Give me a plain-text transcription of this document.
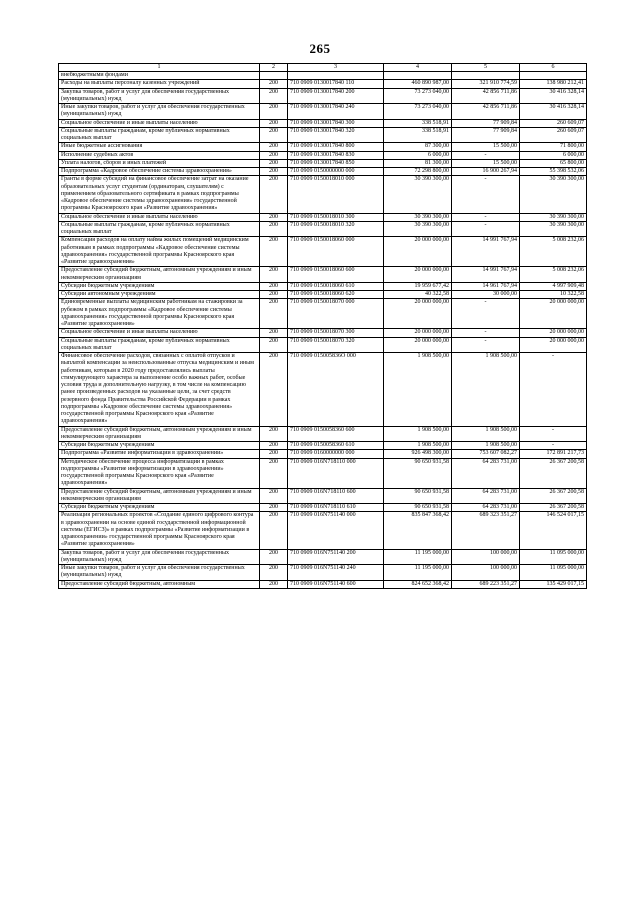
265
1	2	3	4	5	6
внебюджетными фондами					
Расходы на выплаты персоналу казенных учреждений	200	710 0909 0130017840 110	460 890 987,00	321 910 774,59	138 980 212,41
Закупка товаров, работ и услуг для обеспечения государственных (муниципальных) нужд	200	710 0909 0130017840 200	73 273 040,00	42 856 711,86	30 416 328,14
Иные закупки товаров, работ и услуг для обеспечения государственных (муниципальных) нужд	200	710 0909 0130017840 240	73 273 040,00	42 856 711,86	30 416 328,14
Социальное обеспечение и иные выплаты населению	200	710 0909 0130017840 300	338 518,91	77 909,84	260 609,07
Социальные выплаты гражданам, кроме публичных нормативных социальных выплат	200	710 0909 0130017840 320	338 518,91	77 909,84	260 609,07
Иные бюджетные ассигнования	200	710 0909 0130017840 800	87 300,00	15 500,00	71 800,00
Исполнение судебных актов	200	710 0909 0130017840 830	6 000,00	-	6 000,00
Уплата налогов, сборов и иных платежей	200	710 0909 0130017840 850	81 300,00	15 500,00	65 800,00
Подпрограмма «Кадровое обеспечение системы здравоохранения»	200	710 0909 0150000000 000	72 298 800,00	16 900 267,94	55 398 532,06
Гранты в форме субсидий на финансовое обеспечение затрат на оказание образовательных услуг студентам (ординаторам, слушателям) с применением образовательного сертификата в рамках подпрограммы «Кадровое обеспечение системы здравоохранения» государственной программы Красноярского края «Развитие здравоохранения»	200	710 0909 0150018010 000	30 390 300,00	-	30 390 300,00
Социальное обеспечение и иные выплаты населению	200	710 0909 0150018010 300	30 390 300,00	-	30 390 300,00
Социальные выплаты гражданам, кроме публичных нормативных социальных выплат	200	710 0909 0150018010 320	30 390 300,00	-	30 390 300,00
Компенсация расходов на оплату найма жилых помещений медицинским работникам в рамках подпрограммы «Кадровое обеспечение системы здравоохранения» государственной программы Красноярского края «Развитие здравоохранения»	200	710 0909 0150018060 000	20 000 000,00	14 991 767,94	5 008 232,06
Предоставление субсидий бюджетным, автономным учреждениям и иным некоммерческим организациям	200	710 0909 0150018060 600	20 000 000,00	14 991 767,94	5 008 232,06
Субсидии бюджетным учреждениям	200	710 0909 0150018060 610	19 959 677,42	14 961 767,94	4 997 909,48
Субсидии автономным учреждениям	200	710 0909 0150018060 620	40 322,58	30 000,00	10 322,58
Единовременные выплаты медицинским работникам на стажировки за рубежом в рамках подпрограммы «Кадровое обеспечение системы здравоохранения» государственной программы Красноярского края «Развитие здравоохранения»	200	710 0909 0150018070 000	20 000 000,00	-	20 000 000,00
Социальное обеспечение и иные выплаты населению	200	710 0909 0150018070 300	20 000 000,00	-	20 000 000,00
Социальные выплаты гражданам, кроме публичных нормативных социальных выплат	200	710 0909 0150018070 320	20 000 000,00	-	20 000 000,00
Финансовое обеспечение расходов, связанных с оплатой отпусков и выплатой компенсации за неиспользованные отпуска медицинским и иным работникам, которым в 2020 году предоставлялись выплаты стимулирующего характера за выполнение особо важных работ, особые условия труда и дополнительную нагрузку, в том числе на компенсацию ранее произведенных расходов на указанные цели, за счет средств резервного фонда Правительства Российской Федерации в рамках подпрограммы «Кадровое обеспечение системы здравоохранения» государственной программы Красноярского края «Развитие здравоохранения»	200	710 0909 015005836О 000	1 908 500,00	1 908 500,00	-
Предоставление субсидий бюджетным, автономным учреждениям и иным некоммерческим организациям	200	710 0909 0150058360 600	1 908 500,00	1 908 500,00	-
Субсидии бюджетным учреждениям	200	710 0909 0150058360 610	1 908 500,00	1 908 500,00	-
Подпрограмма «Развитие информатизации в здравоохранении»	200	710 0909 0160000000 000	926 498 300,00	753 607 082,27	172 891 217,73
Методическое обеспечение процесса информатизации в рамках подпрограммы «Развитие информатизации в здравоохранении» государственной программы Красноярского края «Развитие здравоохранения»	200	710 0909 016N718110 000	90 650 931,58	64 283 731,00	26 367 200,58
Предоставление субсидий бюджетным, автономным учреждениям и иным некоммерческим организациям	200	710 0909 016N718110 600	90 650 931,58	64 283 731,00	26 367 200,58
Субсидии бюджетным учреждениям	200	710 0909 016N718110 610	90 650 931,58	64 283 731,00	26 367 200,58
Реализация региональных проектов «Создание единого цифрового контура в здравоохранении на основе единой государственной информационной системы (ЕГИСЗ)» в рамках подпрограммы «Развитие информатизации в здравоохранении» государственной программы Красноярского края «Развитие здравоохранения»	200	710 0909 016N751140 000	835 847 368,42	689 323 351,27	146 524 017,15
Закупка товаров, работ и услуг для обеспечения государственных (муниципальных) нужд	200	710 0909 016N751140 200	11 195 000,00	100 000,00	11 095 000,00
Иные закупки товаров, работ и услуг для обеспечения государственных (муниципальных) нужд	200	710 0909 016N751140 240	11 195 000,00	100 000,00	11 095 000,00
Предоставление субсидий бюджетным, автономным	200	710 0909 016N751140 600	824 652 368,42	689 223 351,27	135 429 017,15
